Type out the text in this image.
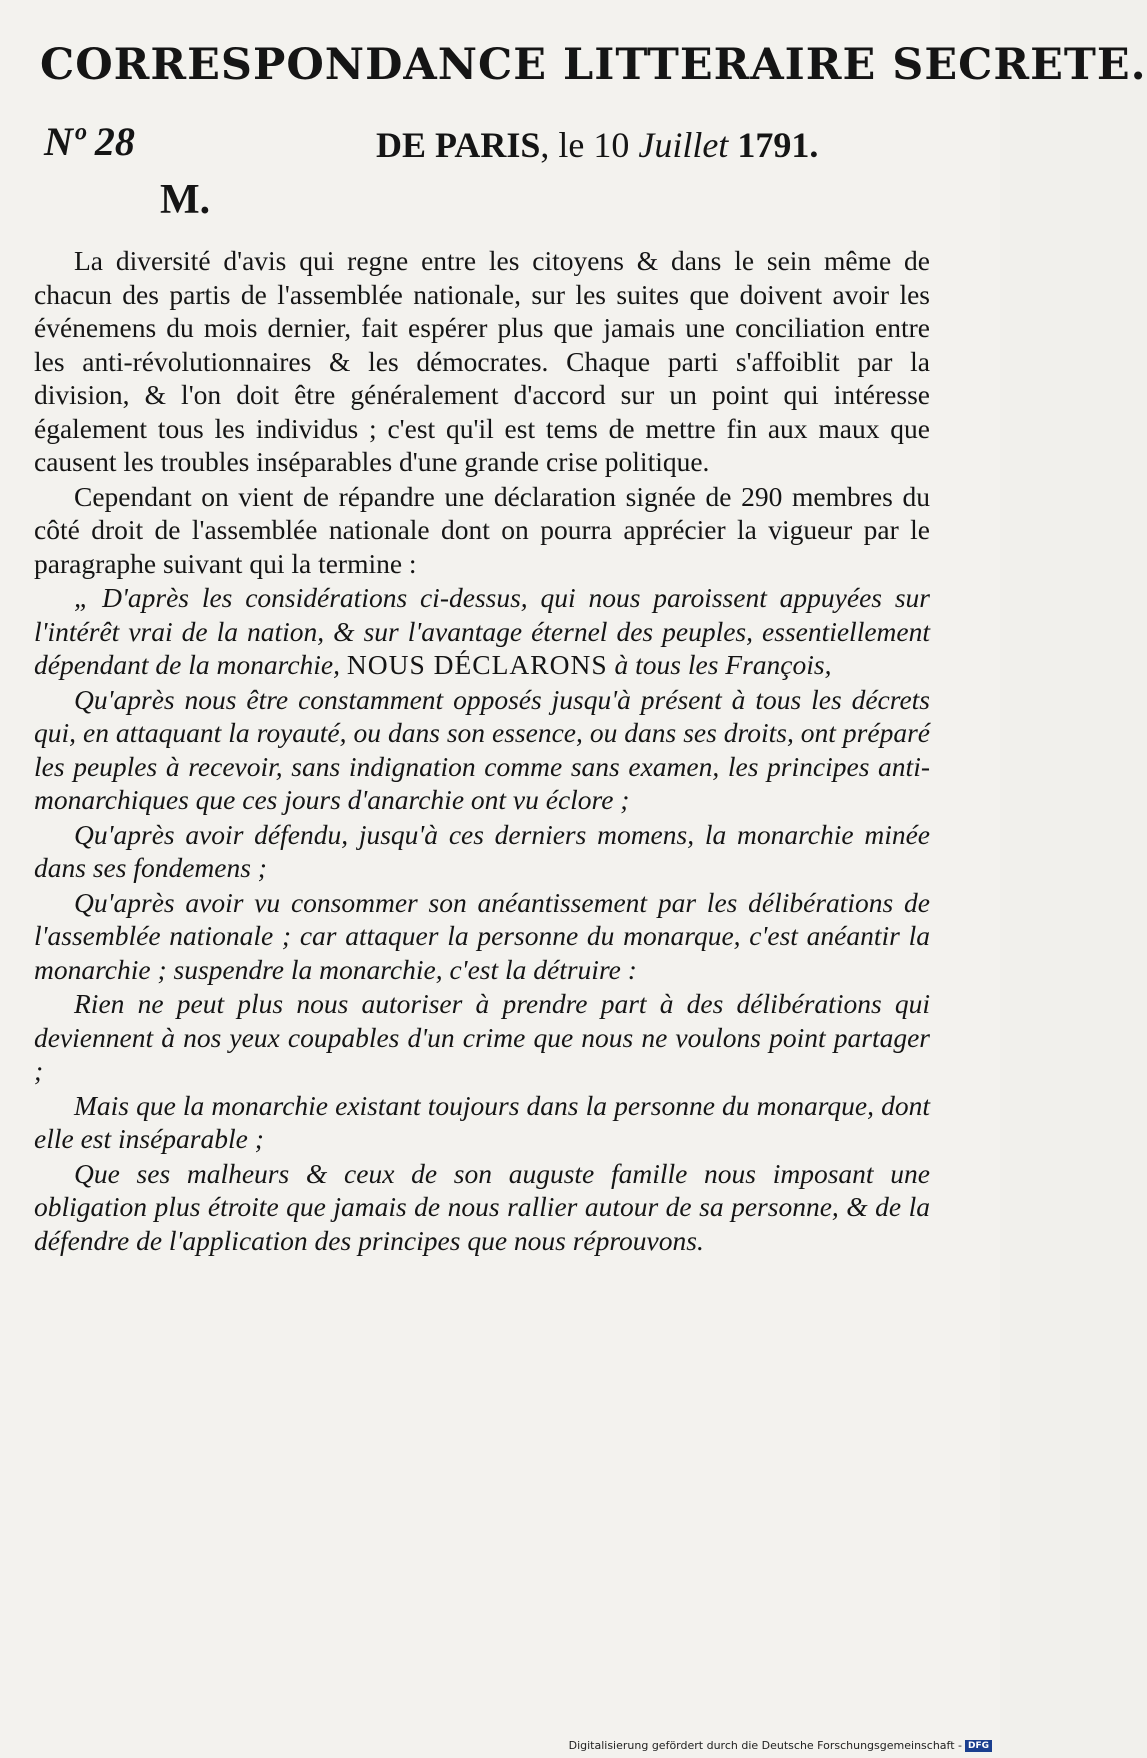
CORRESPONDANCE LITTERAIRE SECRETE.
Nº 28	DE PARIS, le 10 Juillet 1791.
M.

La diversité d'avis qui regne entre les citoyens & dans le sein même de chacun des partis de l'assemblée nationale, sur les suites que doivent avoir les événemens du mois dernier, fait espérer plus que jamais une conciliation entre les anti-révolutionnaires & les démocrates. Chaque parti s'affoiblit par la division, & l'on doit être généralement d'accord sur un point qui intéresse également tous les individus ; c'est qu'il est tems de mettre fin aux maux que causent les troubles inséparables d'une grande crise politique.

Cependant on vient de répandre une déclaration signée de 290 membres du côté droit de l'assemblée nationale dont on pourra apprécier la vigueur par le paragraphe suivant qui la termine :

„ D'après les considérations ci-dessus, qui nous paroissent appuyées sur l'intérêt vrai de la nation, & sur l'avantage éternel des peuples, essentiellement dépendant de la monarchie, NOUS DÉCLARONS à tous les François,

Qu'après nous être constamment opposés jusqu'à présent à tous les décrets qui, en attaquant la royauté, ou dans son essence, ou dans ses droits, ont préparé les peuples à recevoir, sans indignation comme sans examen, les principes anti-monarchiques que ces jours d'anarchie ont vu éclore ;

Qu'après avoir défendu, jusqu'à ces derniers momens, la monarchie minée dans ses fondemens ;

Qu'après avoir vu consommer son anéantissement par les délibérations de l'assemblée nationale ; car attaquer la personne du monarque, c'est anéantir la monarchie ; suspendre la monarchie, c'est la détruire :

Rien ne peut plus nous autoriser à prendre part à des délibérations qui deviennent à nos yeux coupables d'un crime que nous ne voulons point partager ;

Mais que la monarchie existant toujours dans la personne du monarque, dont elle est inséparable ;

Que ses malheurs & ceux de son auguste famille nous imposant une obligation plus étroite que jamais de nous rallier autour de sa personne, & de la défendre de l'application des principes que nous réprouvons.

Digitalisierung gefördert durch die Deutsche Forschungsgemeinschaft - DFG
